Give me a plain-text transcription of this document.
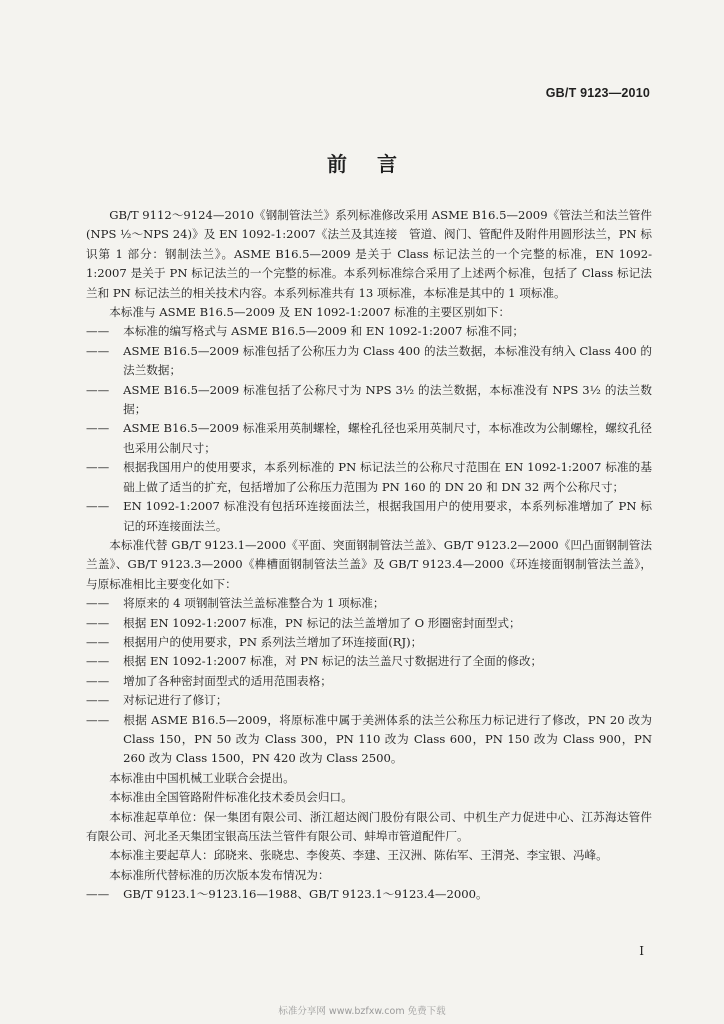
GB/T 9123—2010
前言

GB/T 9112～9124—2010《钢制管法兰》系列标准修改采用 ASME B16.5—2009《管法兰和法兰管件(NPS ½～NPS 24)》及 EN 1092-1:2007《法兰及其连接　管道、阀门、管配件及附件用圆形法兰，PN 标识第 1 部分：钢制法兰》。ASME B16.5—2009 是关于 Class 标记法兰的一个完整的标准，EN 1092-1:2007 是关于 PN 标记法兰的一个完整的标准。本系列标准综合采用了上述两个标准，包括了 Class 标记法兰和 PN 标记法兰的相关技术内容。本系列标准共有 13 项标准，本标准是其中的 1 项标准。

本标准与 ASME B16.5—2009 及 EN 1092-1:2007 标准的主要区别如下：

—— 本标准的编写格式与 ASME B16.5—2009 和 EN 1092-1:2007 标准不同；

—— ASME B16.5—2009 标准包括了公称压力为 Class 400 的法兰数据，本标准没有纳入 Class 400 的法兰数据；

—— ASME B16.5—2009 标准包括了公称尺寸为 NPS 3½ 的法兰数据，本标准没有 NPS 3½ 的法兰数据；

—— ASME B16.5—2009 标准采用英制螺栓，螺栓孔径也采用英制尺寸，本标准改为公制螺栓，螺纹孔径也采用公制尺寸；

—— 根据我国用户的使用要求，本系列标准的 PN 标记法兰的公称尺寸范围在 EN 1092-1:2007 标准的基础上做了适当的扩充，包括增加了公称压力范围为 PN 160 的 DN 20 和 DN 32 两个公称尺寸；

—— EN 1092-1:2007 标准没有包括环连接面法兰，根据我国用户的使用要求，本系列标准增加了 PN 标记的环连接面法兰。

本标准代替 GB/T 9123.1—2000《平面、突面钢制管法兰盖》、GB/T 9123.2—2000《凹凸面钢制管法兰盖》、GB/T 9123.3—2000《榫槽面钢制管法兰盖》及 GB/T 9123.4—2000《环连接面钢制管法兰盖》，与原标准相比主要变化如下：

—— 将原来的 4 项钢制管法兰盖标准整合为 1 项标准；

—— 根据 EN 1092-1:2007 标准，PN 标记的法兰盖增加了 O 形圈密封面型式；

—— 根据用户的使用要求，PN 系列法兰增加了环连接面(RJ)；

—— 根据 EN 1092-1:2007 标准，对 PN 标记的法兰盖尺寸数据进行了全面的修改；

—— 增加了各种密封面型式的适用范围表格；

—— 对标记进行了修订；

—— 根据 ASME B16.5—2009，将原标准中属于美洲体系的法兰公称压力标记进行了修改，PN 20 改为 Class 150，PN 50 改为 Class 300，PN 110 改为 Class 600，PN 150 改为 Class 900，PN 260 改为 Class 1500，PN 420 改为 Class 2500。

本标准由中国机械工业联合会提出。

本标准由全国管路附件标准化技术委员会归口。

本标准起草单位：保一集团有限公司、浙江超达阀门股份有限公司、中机生产力促进中心、江苏海达管件有限公司、河北圣天集团宝银高压法兰管件有限公司、蚌埠市管道配件厂。

本标准主要起草人：邱晓来、张晓忠、李俊英、李建、王汉洲、陈佑军、王渭尧、李宝银、冯峰。

本标准所代替标准的历次版本发布情况为：

—— GB/T 9123.1～9123.16—1988、GB/T 9123.1～9123.4—2000。

I
标准分享网 www.bzfxw.com 免费下载
